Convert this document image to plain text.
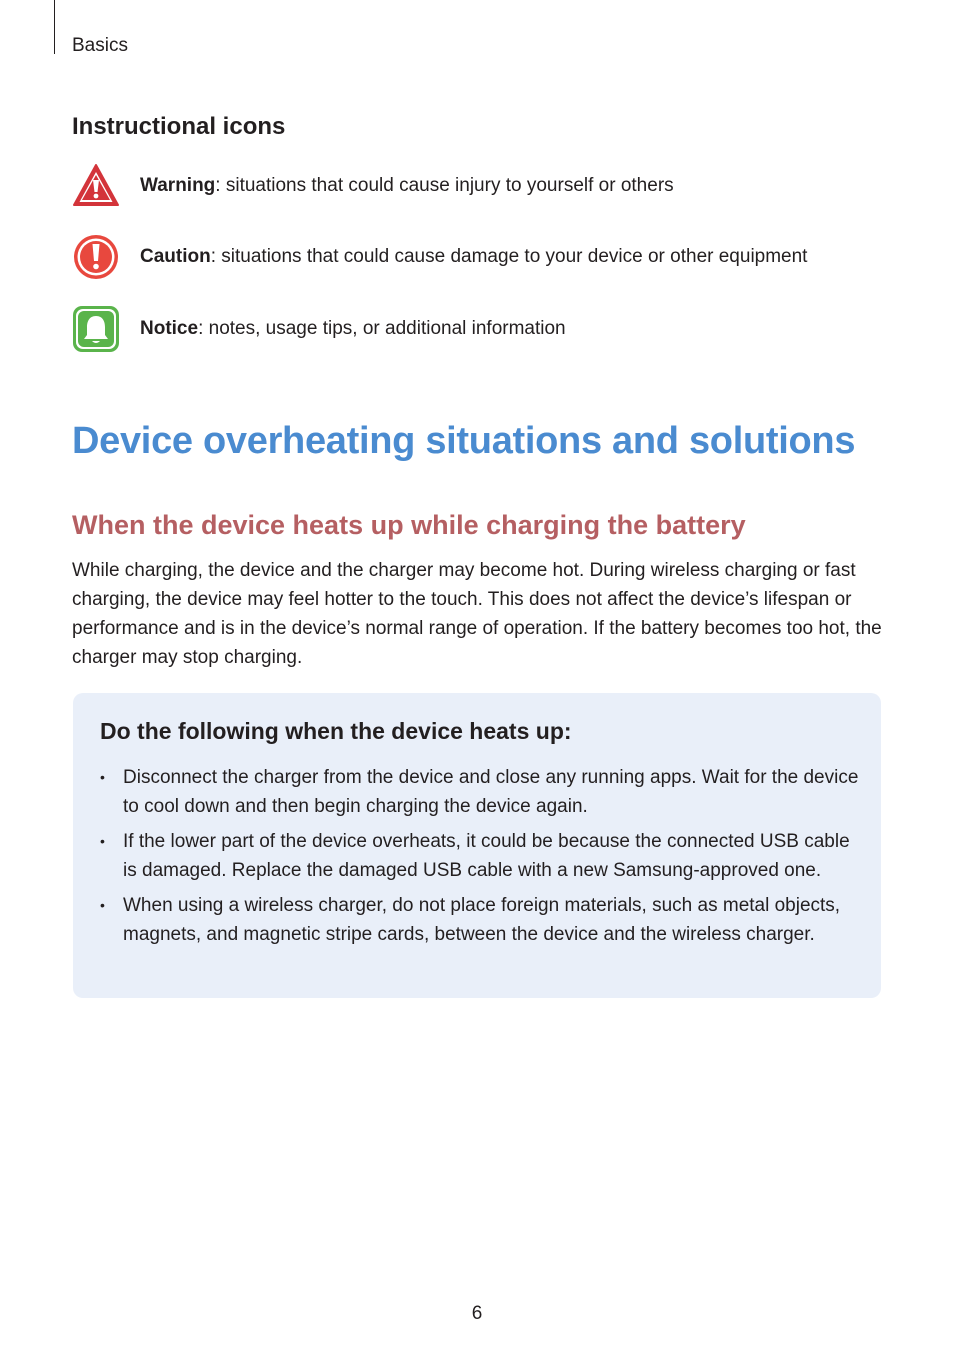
Basics
Instructional icons
Warning: situations that could cause injury to yourself or others
Caution: situations that could cause damage to your device or other equipment
Notice: notes, usage tips, or additional information
Device overheating situations and solutions
When the device heats up while charging the battery

While charging, the device and the charger may become hot. During wireless charging or fast charging, the device may feel hotter to the touch. This does not affect the device’s lifespan or performance and is in the device’s normal range of operation. If the battery becomes too hot, the charger may stop charging.

Do the following when the device heats up:
• Disconnect the charger from the device and close any running apps. Wait for the device to cool down and then begin charging the device again.
• If the lower part of the device overheats, it could be because the connected USB cable is damaged. Replace the damaged USB cable with a new Samsung-approved one.
• When using a wireless charger, do not place foreign materials, such as metal objects, magnets, and magnetic stripe cards, between the device and the wireless charger.
6
